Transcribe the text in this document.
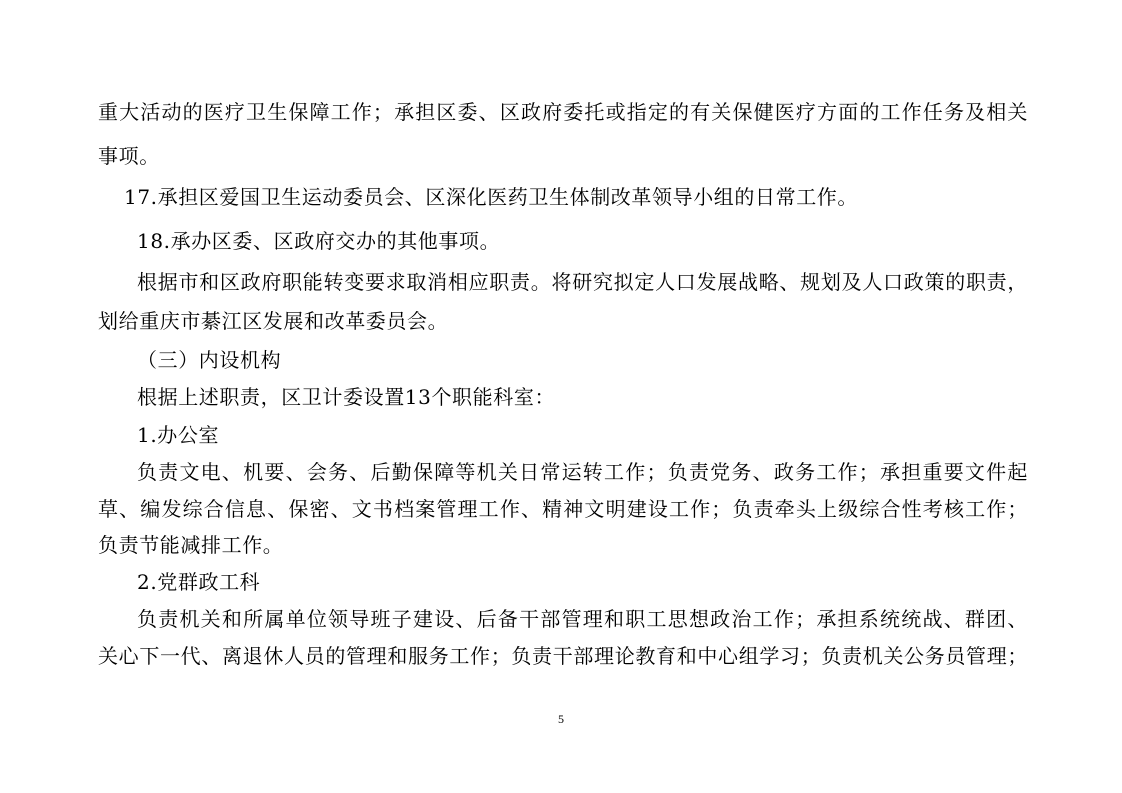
重大活动的医疗卫生保障工作；承担区委、区政府委托或指定的有关保健医疗方面的工作任务及相关
事项。
17.承担区爱国卫生运动委员会、区深化医药卫生体制改革领导小组的日常工作。
18.承办区委、区政府交办的其他事项。
根据市和区政府职能转变要求取消相应职责。将研究拟定人口发展战略、规划及人口政策的职责，
划给重庆市綦江区发展和改革委员会。
（三）内设机构
根据上述职责，区卫计委设置13个职能科室：
1.办公室
负责文电、机要、会务、后勤保障等机关日常运转工作；负责党务、政务工作；承担重要文件起
草、编发综合信息、保密、文书档案管理工作、精神文明建设工作；负责牵头上级综合性考核工作；
负责节能减排工作。
2.党群政工科
负责机关和所属单位领导班子建设、后备干部管理和职工思想政治工作；承担系统统战、群团、
关心下一代、离退休人员的管理和服务工作；负责干部理论教育和中心组学习；负责机关公务员管理；
5
